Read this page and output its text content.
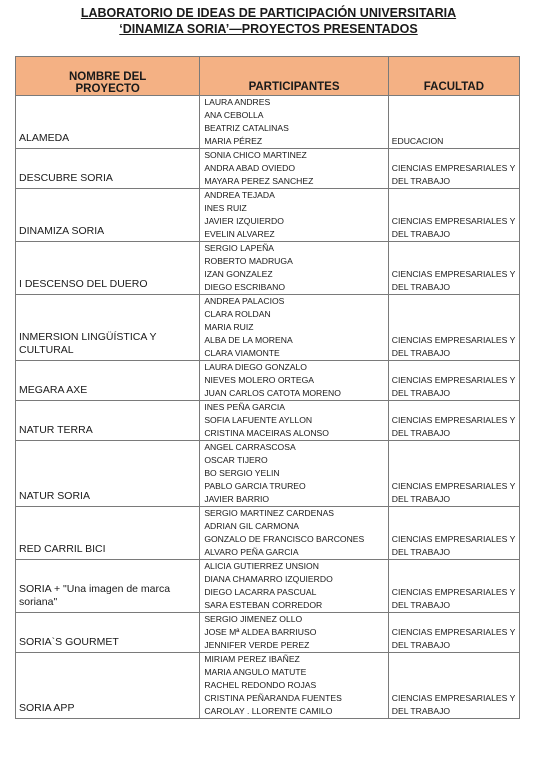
LABORATORIO DE IDEAS DE PARTICIPACIÓN UNIVERSITARIA
‘DINAMIZA SORIA’—PROYECTOS PRESENTADOS
NOMBRE DEL
PROYECTO	PARTICIPANTES	FACULTAD
ALAMEDA	LAURA ANDRES
ANA CEBOLLA
BEATRIZ CATALINAS
MARIA PÉREZ	EDUCACION
DESCUBRE SORIA	SONIA CHICO MARTINEZ
ANDRA ABAD OVIEDO
MAYARA PEREZ SANCHEZ	CIENCIAS EMPRESARIALES Y DEL TRABAJO
DINAMIZA SORIA	ANDREA TEJADA
INES RUIZ
JAVIER IZQUIERDO
EVELIN ALVAREZ	CIENCIAS EMPRESARIALES Y DEL TRABAJO
I DESCENSO DEL DUERO	SERGIO LAPEÑA
ROBERTO MADRUGA
IZAN GONZALEZ
DIEGO ESCRIBANO	CIENCIAS EMPRESARIALES Y DEL TRABAJO
INMERSION LINGÜÍSTICA Y CULTURAL	ANDREA PALACIOS
CLARA ROLDAN
MARIA RUIZ
ALBA DE LA MORENA
CLARA VIAMONTE	CIENCIAS EMPRESARIALES Y DEL TRABAJO
MEGARA AXE	LAURA DIEGO GONZALO
NIEVES MOLERO ORTEGA
JUAN CARLOS CATOTA MORENO	CIENCIAS EMPRESARIALES Y DEL TRABAJO
NATUR TERRA	INES PEÑA GARCIA
SOFIA LAFUENTE AYLLON
CRISTINA MACEIRAS ALONSO	CIENCIAS EMPRESARIALES Y DEL TRABAJO
NATUR SORIA	ANGEL CARRASCOSA
OSCAR TIJERO
BO SERGIO YELIN
PABLO GARCIA TRUREO
JAVIER BARRIO	CIENCIAS EMPRESARIALES Y DEL TRABAJO
RED CARRIL BICI	SERGIO MARTINEZ CARDENAS
ADRIAN GIL CARMONA
GONZALO DE FRANCISCO BARCONES
ALVARO PEÑA GARCIA	CIENCIAS EMPRESARIALES Y DEL TRABAJO
SORIA + "Una imagen de marca soriana"	ALICIA GUTIERREZ UNSION
DIANA CHAMARRO IZQUIERDO
DIEGO LACARRA PASCUAL
SARA ESTEBAN CORREDOR	CIENCIAS EMPRESARIALES Y DEL TRABAJO
SORIA`S GOURMET	SERGIO JIMENEZ OLLO
JOSE Mª ALDEA BARRIUSO
JENNIFER VERDE PEREZ	CIENCIAS EMPRESARIALES Y DEL TRABAJO
SORIA APP	MIRIAM PEREZ IBAÑEZ
MARIA ANGULO MATUTE
RACHEL REDONDO ROJAS
CRISTINA PEÑARANDA FUENTES
CAROLAY . LLORENTE CAMILO	CIENCIAS EMPRESARIALES Y DEL TRABAJO
